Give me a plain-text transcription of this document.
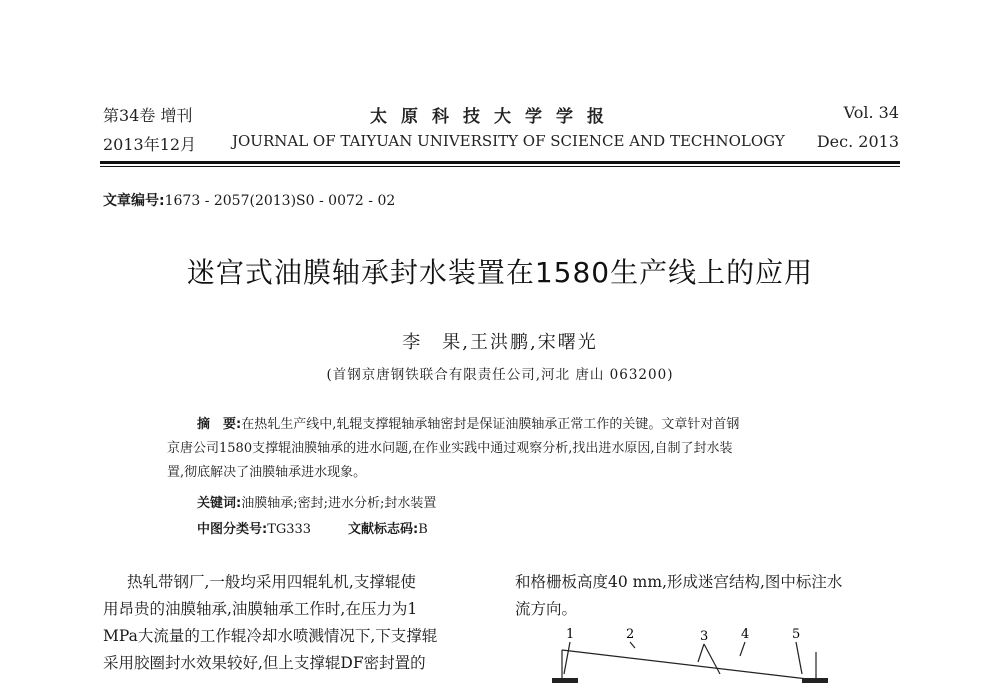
第34卷 增刊
2013年12月
太原科技大学学报
JOURNAL OF TAIYUAN UNIVERSITY OF SCIENCE AND TECHNOLOGY
Vol. 34
Dec. 2013
文章编号:1673 - 2057(2013)S0 - 0072 - 02
迷宫式油膜轴承封水装置在1580生产线上的应用
李　果,王洪鹏,宋曙光
(首钢京唐钢铁联合有限责任公司,河北 唐山 063200)
摘　要:在热轧生产线中,轧辊支撑辊轴承轴密封是保证油膜轴承正常工作的关键。文章针对首钢
京唐公司1580支撑辊油膜轴承的进水问题,在作业实践中通过观察分析,找出进水原因,自制了封水装
置,彻底解决了油膜轴承进水现象。
关键词:油膜轴承;密封;进水分析;封水装置
中图分类号:TG333	文献标志码:B
热轧带钢厂,一般均采用四辊轧机,支撑辊使
用昂贵的油膜轴承,油膜轴承工作时,在压力为1
MPa大流量的工作辊冷却水喷溅情况下,下支撑辊
采用胶圈封水效果较好,但上支撑辊DF密封置的
和格栅板高度40 mm,形成迷宫结构,图中标注水
流方向。
1	2	3	4	5
